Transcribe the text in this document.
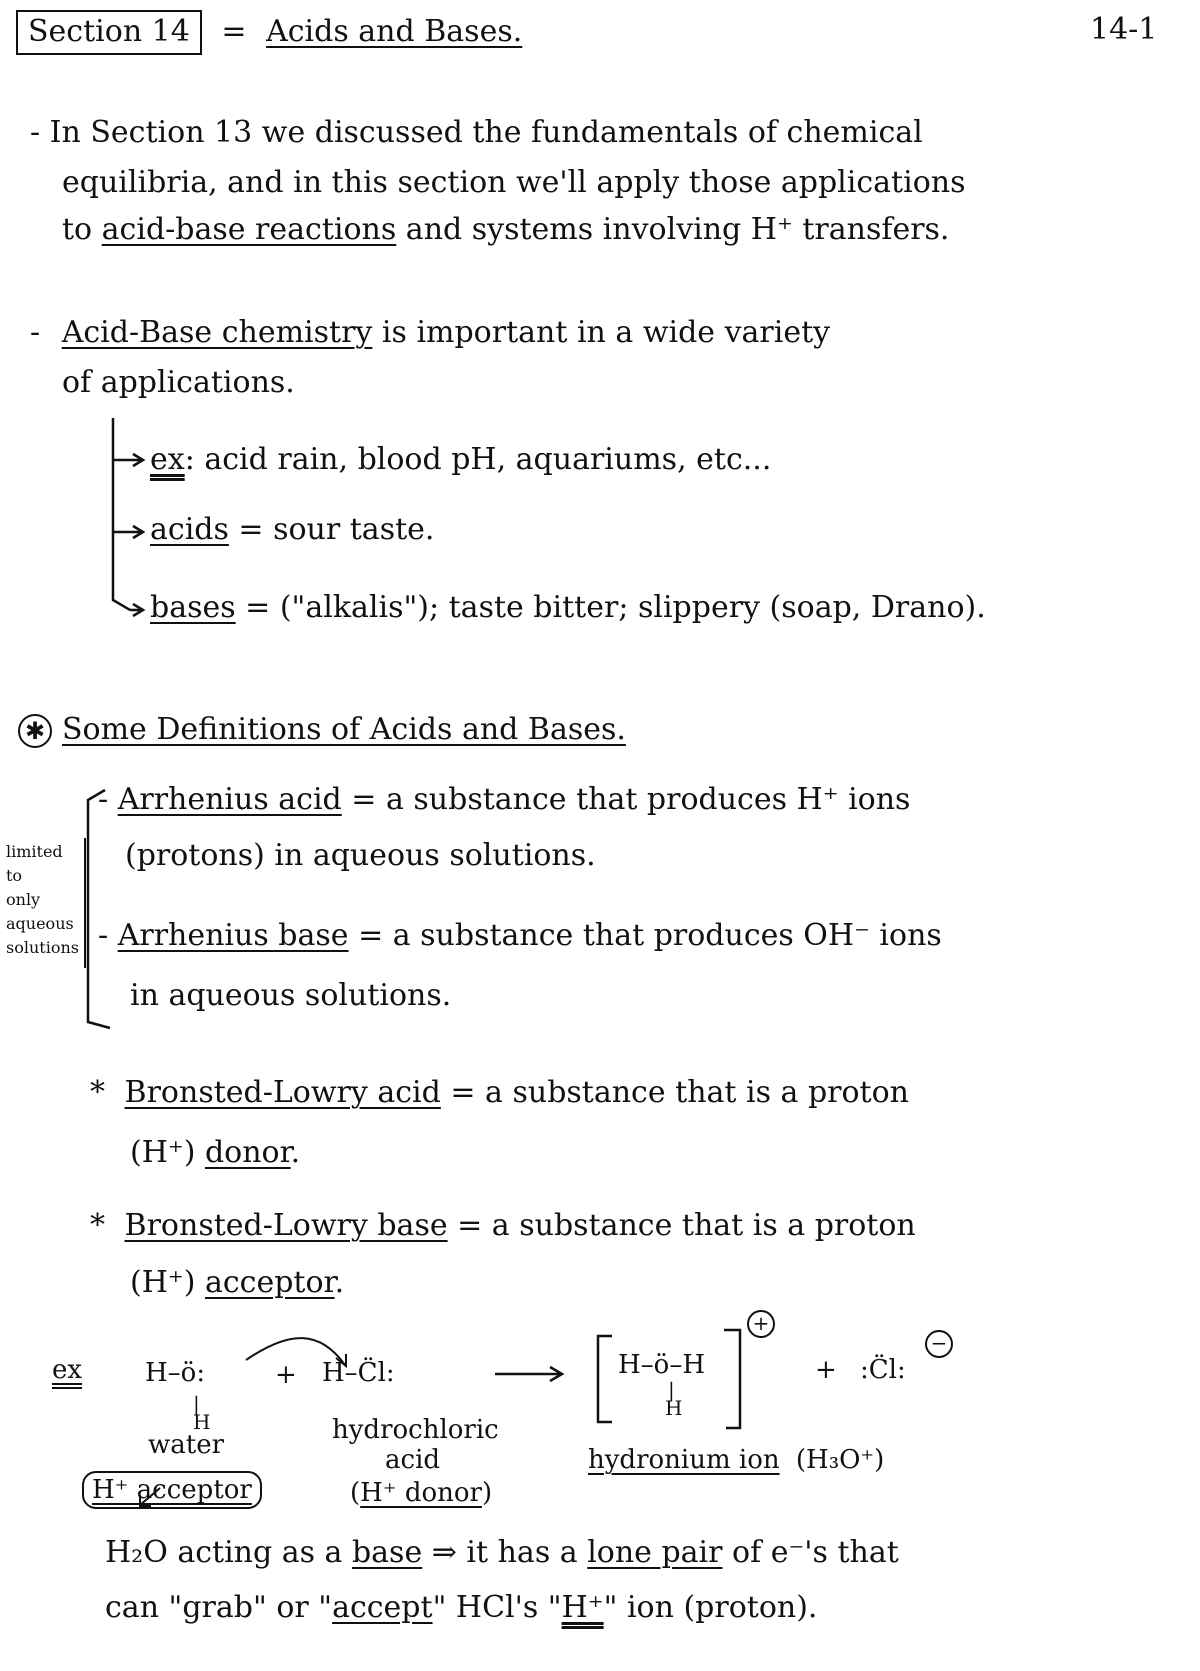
Section 14 = Acids and Bases.	14-1
- In Section 13 we discussed the fundamentals of chemical
equilibria, and in this section we'll apply those applications
to acid-base reactions and systems involving H⁺ transfers.
- Acid-Base chemistry is important in a wide variety
of applications.
ex: acid rain, blood pH, aquariums, etc...
acids = sour taste.
bases = ("alkalis"); taste bitter; slippery (soap, Drano).
✱ Some Definitions of Acids and Bases.
limited
to
only
aqueous
solutions
- Arrhenius acid = a substance that produces H⁺ ions
(protons) in aqueous solutions.
- Arrhenius base = a substance that produces OH⁻ ions
in aqueous solutions.
* Bronsted-Lowry acid = a substance that is a proton
(H⁺) donor.
* Bronsted-Lowry base = a substance that is a proton
(H⁺) acceptor.
ex H–ö:
|
H
+ H–C̈l:	H–ö–H
|
H
+
+ :C̈l:
−
water
H⁺ acceptor
hydrochloric
acid
(H⁺ donor)
hydronium ion (H₃O⁺)
H₂O acting as a base ⇒ it has a lone pair of e⁻'s that
can "grab" or "accept" HCl's "H⁺" ion (proton).
